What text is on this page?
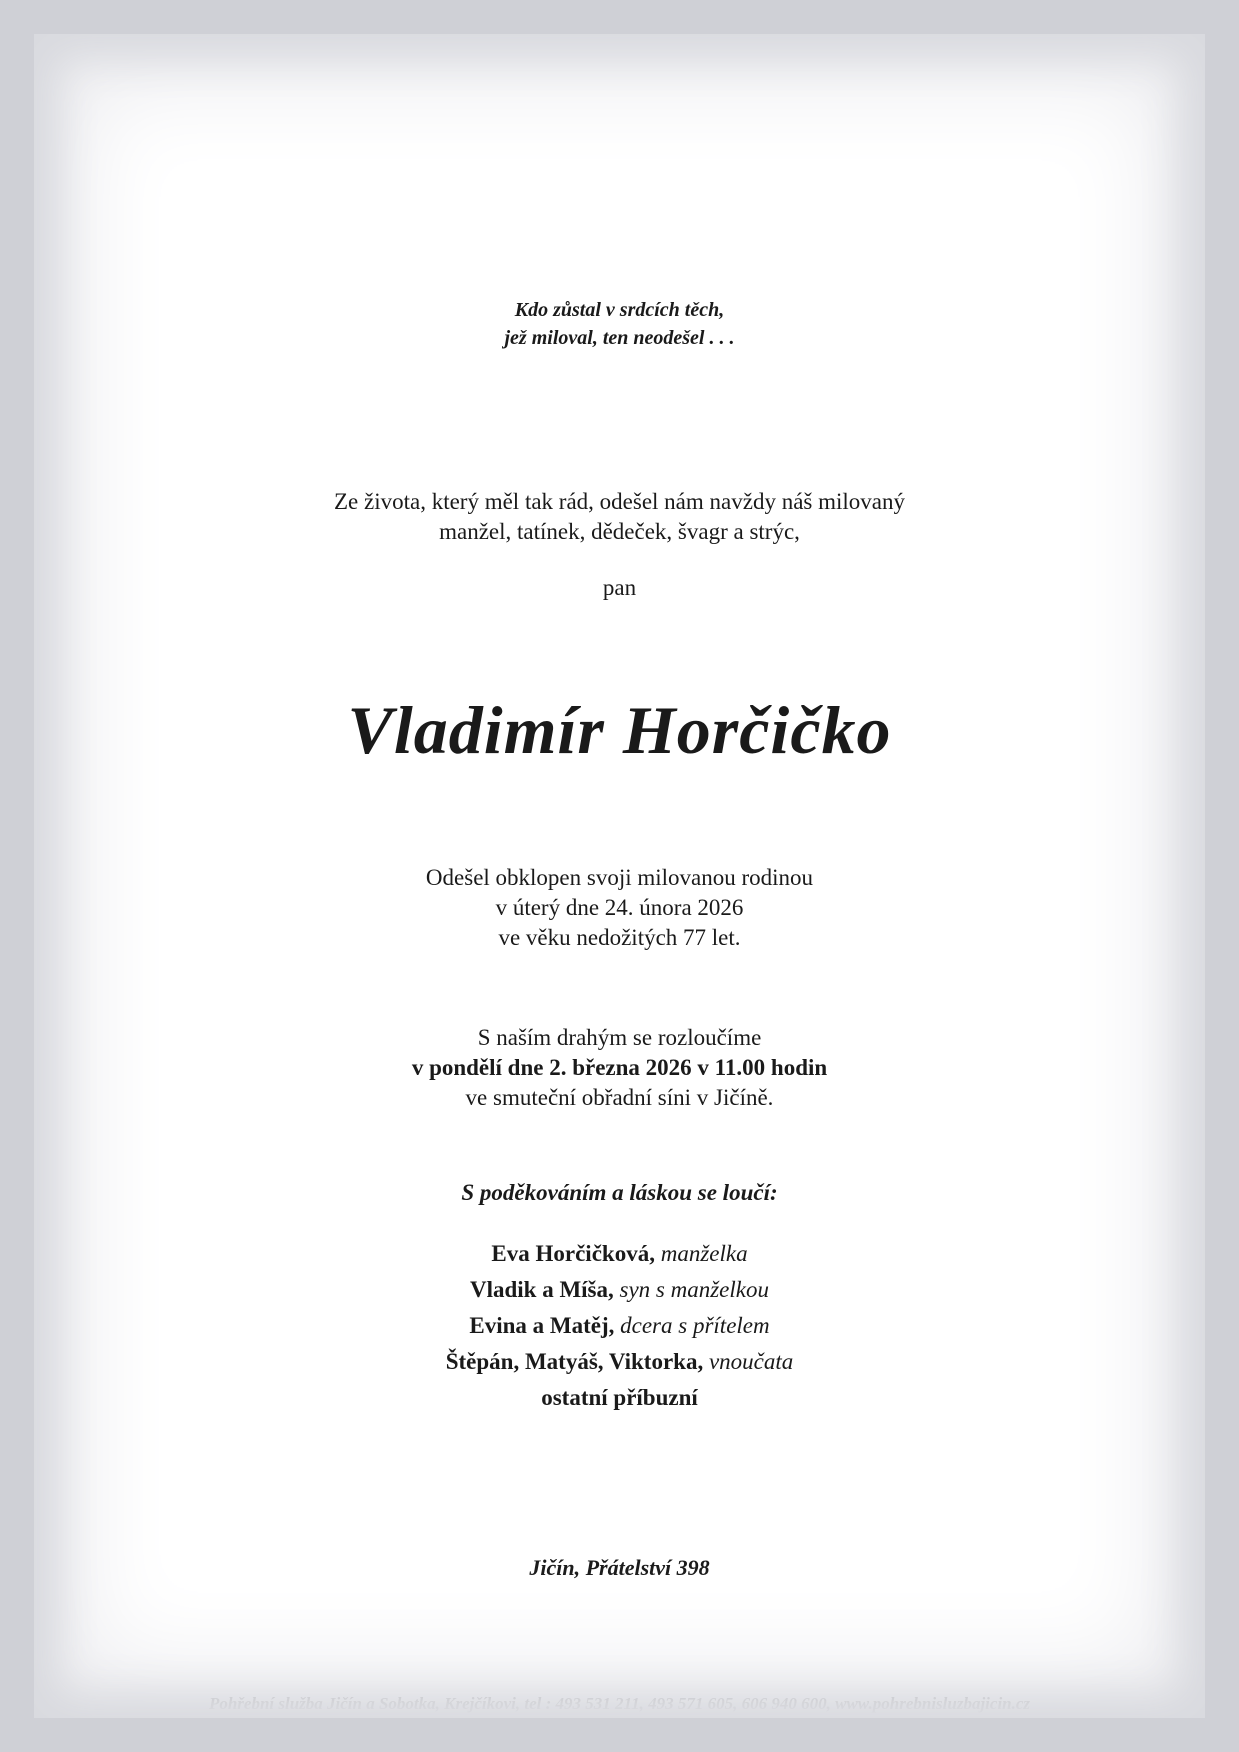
Kdo zůstal v srdcích těch,
jež miloval, ten neodešel . . .
Ze života, který měl tak rád, odešel nám navždy náš milovaný
manžel, tatínek, dědeček, švagr a strýc,
pan
Vladimír Horčičko
Odešel obklopen svoji milovanou rodinou
v úterý dne 24. února 2026
ve věku nedožitých 77 let.
S naším drahým se rozloučíme
v pondělí dne 2. března 2026 v 11.00 hodin
ve smuteční obřadní síni v Jičíně.
S poděkováním a láskou se loučí:
Eva Horčičková, manželka
Vladik a Míša, syn s manželkou
Evina a Matěj, dcera s přítelem
Štěpán, Matyáš, Viktorka, vnoučata
ostatní příbuzní
Jičín, Přátelství 398
Pohřební služba Jičín a Sobotka, Krejčíkovi, tel : 493 531 211, 493 571 605, 606 940 600, www.pohrebnisluzbajicin.cz
